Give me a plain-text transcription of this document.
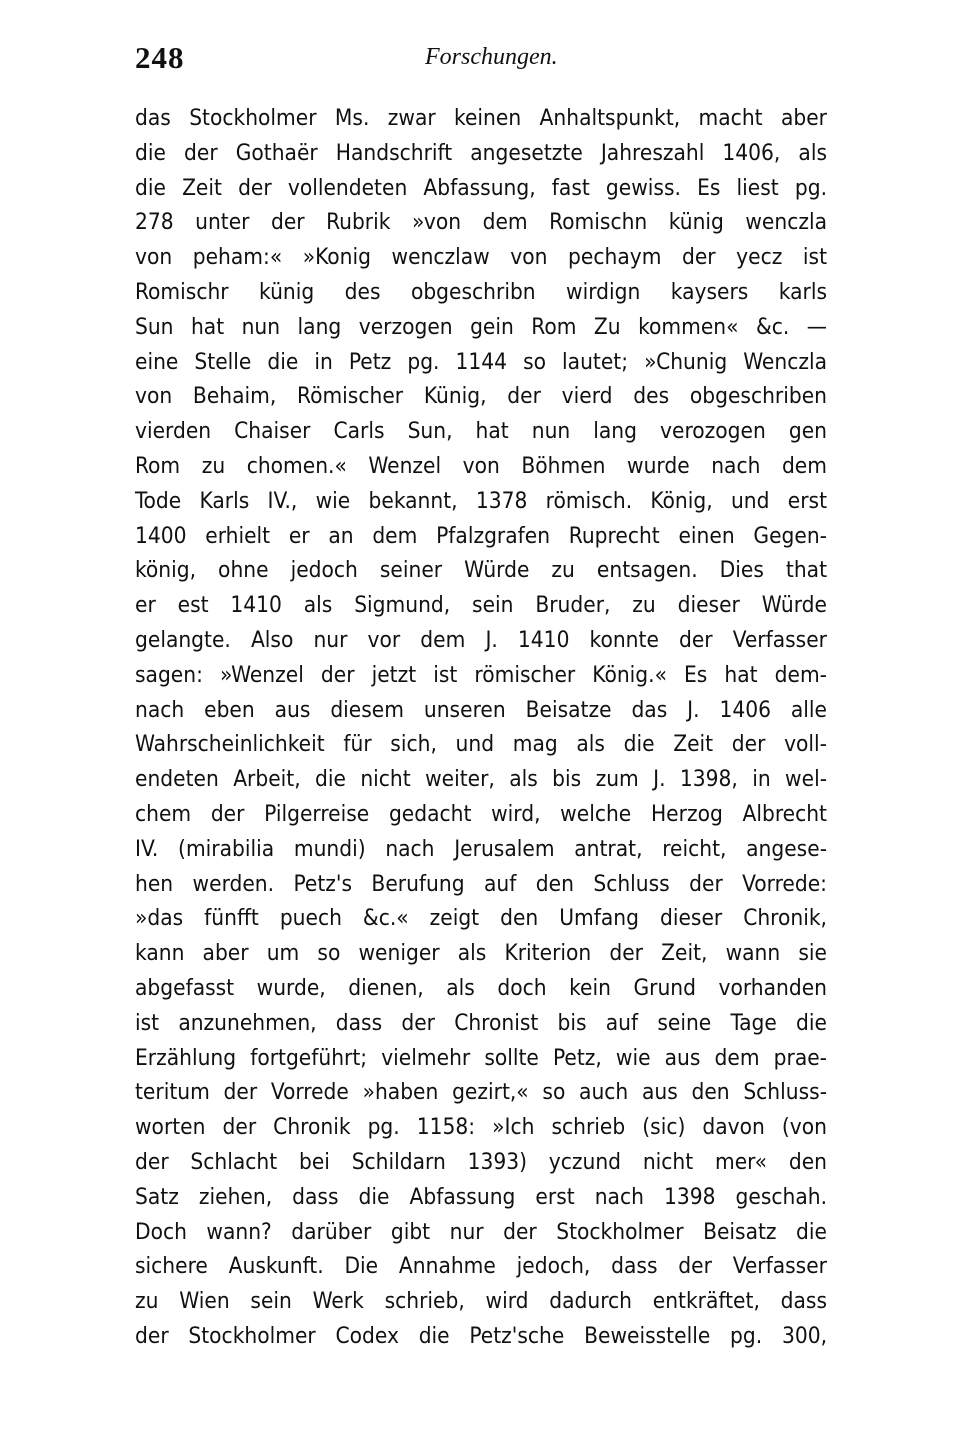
248	Forschungen.
das Stockholmer Ms. zwar keinen Anhaltspunkt, macht aber
die der Gothaër Handschrift angesetzte Jahreszahl 1406, als
die Zeit der vollendeten Abfassung, fast gewiss. Es liest pg.
278 unter der Rubrik »von dem Romischn künig wenczla
von peham:« »Konig wenczlaw von pechaym der yecz ist
Romischr künig des obgeschribn wirdign kaysers karls
Sun hat nun lang verzogen gein Rom Zu kommen« &c. —
eine Stelle die in Petz pg. 1144 so lautet; »Chunig Wenczla
von Behaim, Römischer Künig, der vierd des obgeschriben
vierden Chaiser Carls Sun, hat nun lang verozogen gen
Rom zu chomen.« Wenzel von Böhmen wurde nach dem
Tode Karls IV., wie bekannt, 1378 römisch. König, und erst
1400 erhielt er an dem Pfalzgrafen Ruprecht einen Gegen-
könig, ohne jedoch seiner Würde zu entsagen. Dies that
er est 1410 als Sigmund, sein Bruder, zu dieser Würde
gelangte. Also nur vor dem J. 1410 konnte der Verfasser
sagen: »Wenzel der jetzt ist römischer König.« Es hat dem-
nach eben aus diesem unseren Beisatze das J. 1406 alle
Wahrscheinlichkeit für sich, und mag als die Zeit der voll-
endeten Arbeit, die nicht weiter, als bis zum J. 1398, in wel-
chem der Pilgerreise gedacht wird, welche Herzog Albrecht
IV. (mirabilia mundi) nach Jerusalem antrat, reicht, angese-
hen werden. Petz's Berufung auf den Schluss der Vorrede:
»das fünfft puech &c.« zeigt den Umfang dieser Chronik,
kann aber um so weniger als Kriterion der Zeit, wann sie
abgefasst wurde, dienen, als doch kein Grund vorhanden
ist anzunehmen, dass der Chronist bis auf seine Tage die
Erzählung fortgeführt; vielmehr sollte Petz, wie aus dem prae-
teritum der Vorrede »haben gezirt,« so auch aus den Schluss-
worten der Chronik pg. 1158: »Ich schrieb (sic) davon (von
der Schlacht bei Schildarn 1393) yczund nicht mer« den
Satz ziehen, dass die Abfassung erst nach 1398 geschah.
Doch wann? darüber gibt nur der Stockholmer Beisatz die
sichere Auskunft. Die Annahme jedoch, dass der Verfasser
zu Wien sein Werk schrieb, wird dadurch entkräftet, dass
der Stockholmer Codex die Petz'sche Beweisstelle pg. 300,
